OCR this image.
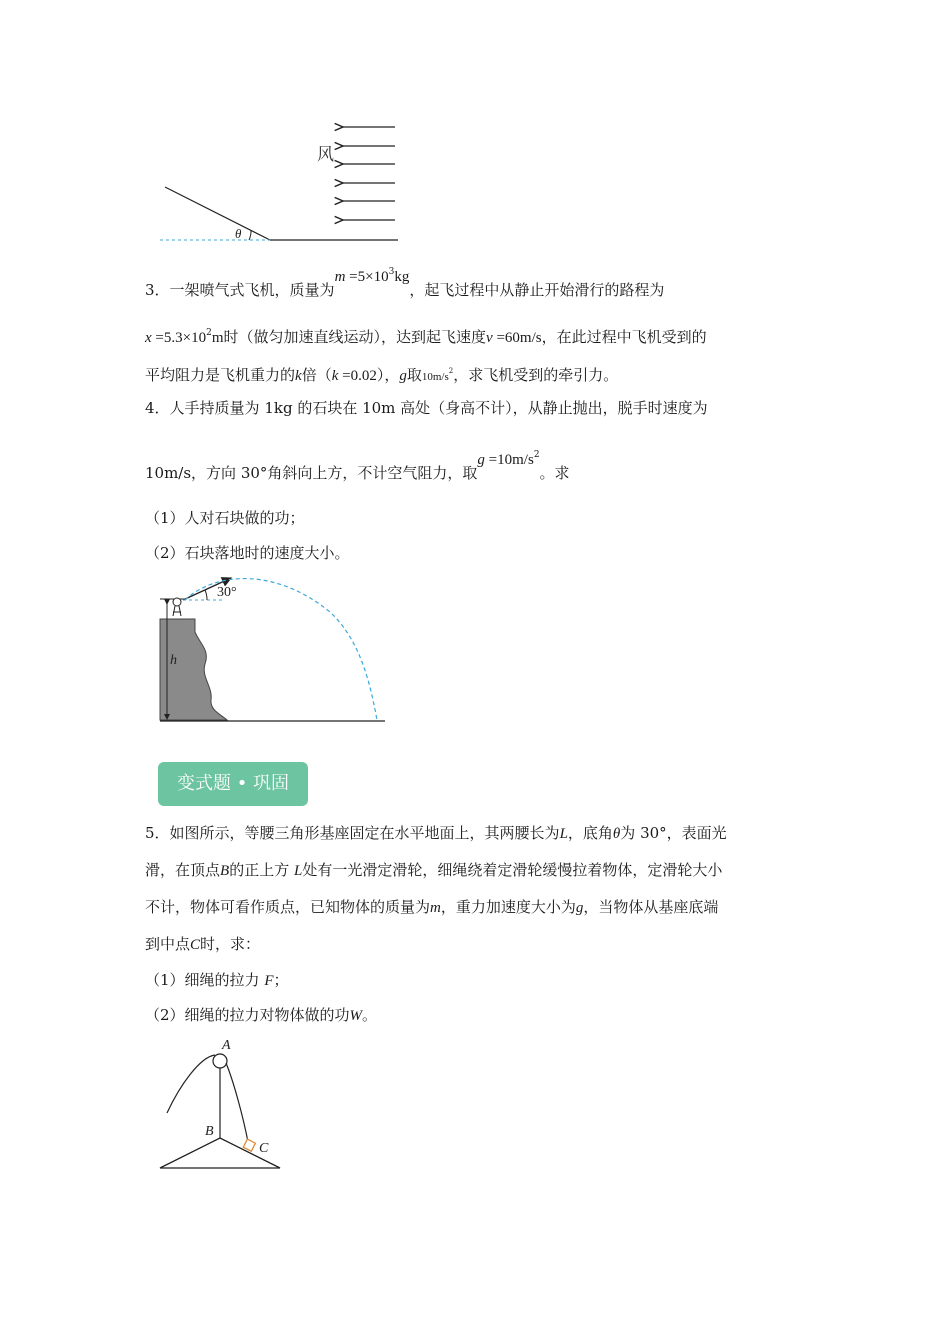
风
θ
3．一架喷气式飞机，质量为$m =5\times 10^3kg$，起飞过程中从静止开始滑行的路程为
$x =5.3\times 10^2m$时（做匀加速直线运动），达到起飞速度v =60m/s，在此过程中飞机受到的
平均阻力是飞机重力的k倍（k =0.02），g取$10m/s^2$，求飞机受到的牵引力。
4．人手持质量为 1kg 的石块在 10m 高处（身高不计），从静止抛出，脱手时速度为
10m/s，方向 30°角斜向上方，不计空气阻力，取$g =10m/s^2$。求
（1）人对石块做的功；
（2）石块落地时的速度大小。
h
30°
变式题 • 巩固
5．如图所示，等腰三角形基座固定在水平地面上，其两腰长为L，底角θ为 30°，表面光
滑，在顶点B的正上方 L处有一光滑定滑轮，细绳绕着定滑轮缓慢拉着物体，定滑轮大小
不计，物体可看作质点，已知物体的质量为m，重力加速度大小为g，当物体从基座底端
到中点C时，求：
（1）细绳的拉力 F；
（2）细绳的拉力对物体做的功W。
A
B
C
